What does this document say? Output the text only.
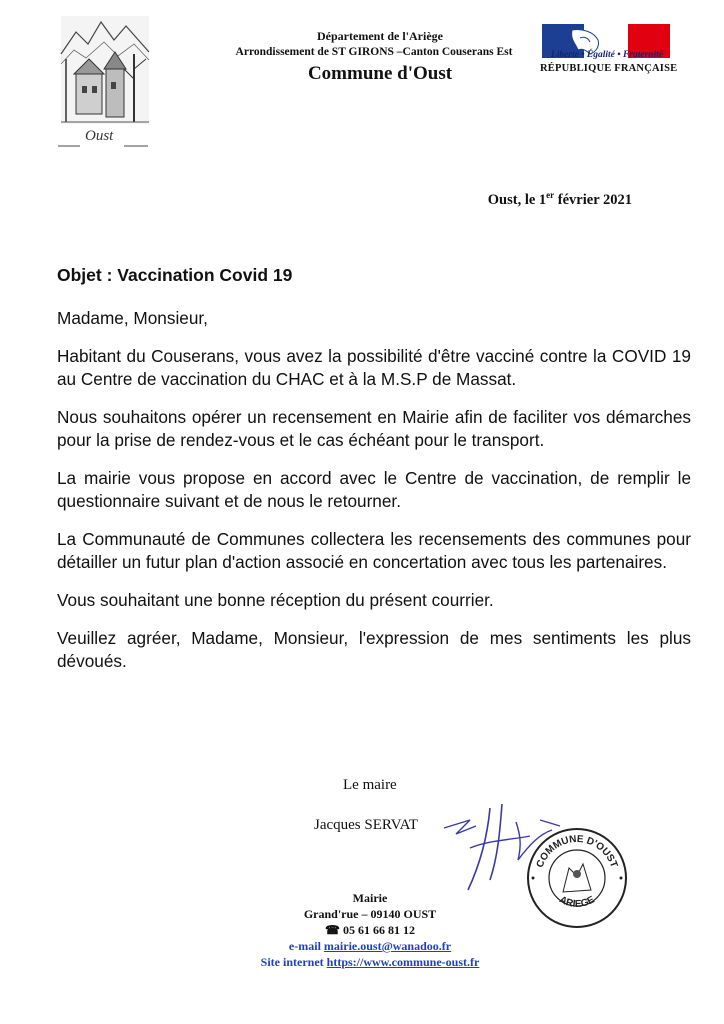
Oust
Département de l'Ariège
Arrondissement de ST GIRONS –Canton Couserans Est
Commune d'Oust
Liberté • Égalité • Fraternité
RÉPUBLIQUE FRANÇAISE
Oust, le 1er février 2021
Objet : Vaccination Covid 19

Madame, Monsieur,

Habitant du Couserans, vous avez la possibilité d'être vacciné contre la COVID 19 au Centre de vaccination du CHAC et à la M.S.P de Massat.

Nous souhaitons opérer un recensement en Mairie afin de faciliter vos démarches pour la prise de rendez-vous et le cas échéant pour le transport.

La mairie vous propose en accord avec le Centre de vaccination, de remplir le questionnaire suivant et de nous le retourner.

La Communauté de Communes collectera les recensements des communes pour détailler un futur plan d'action associé en concertation avec tous les partenaires.

Vous souhaitant une bonne réception du présent courrier.

Veuillez agréer, Madame, Monsieur, l'expression de mes sentiments les plus dévoués.

Le maire
Jacques SERVAT
COMMUNE D'OUST
ARIEGE
Mairie
Grand'rue – 09140 OUST
☎ 05 61 66 81 12
e-mail mairie.oust@wanadoo.fr
Site internet https://www.commune-oust.fr
